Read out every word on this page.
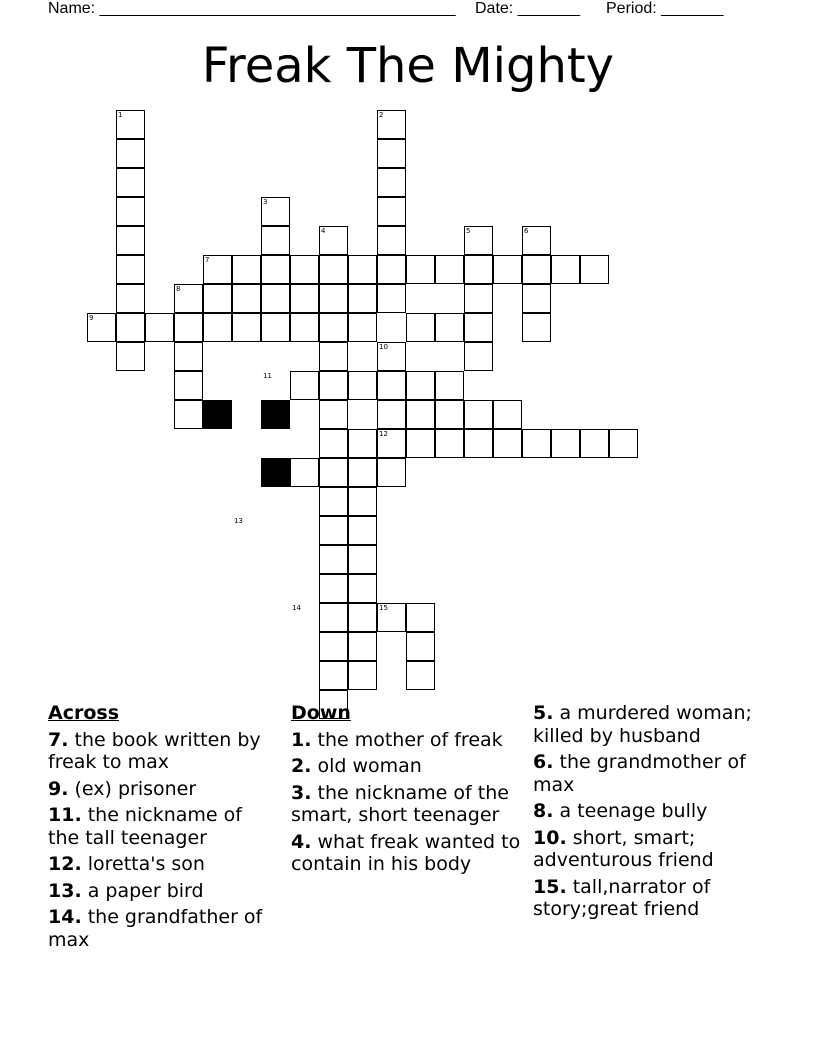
Name: ________________________________________ Date: _______ Period: _______
Freak The Mighty
1	2
3
4	5	6
7
8
9
10
11
12
13
14	15
Across
7. the book written by freak to max
9. (ex) prisoner
11. the nickname of the tall teenager
12. loretta's son
13. a paper bird
14. the grandfather of max
Down
1. the mother of freak
2. old woman
3. the nickname of the smart, short teenager
4. what freak wanted to contain in his body
5. a murdered woman; killed by husband
6. the grandmother of max
8. a teenage bully
10. short, smart; adventurous friend
15. tall,narrator of story;great friend
